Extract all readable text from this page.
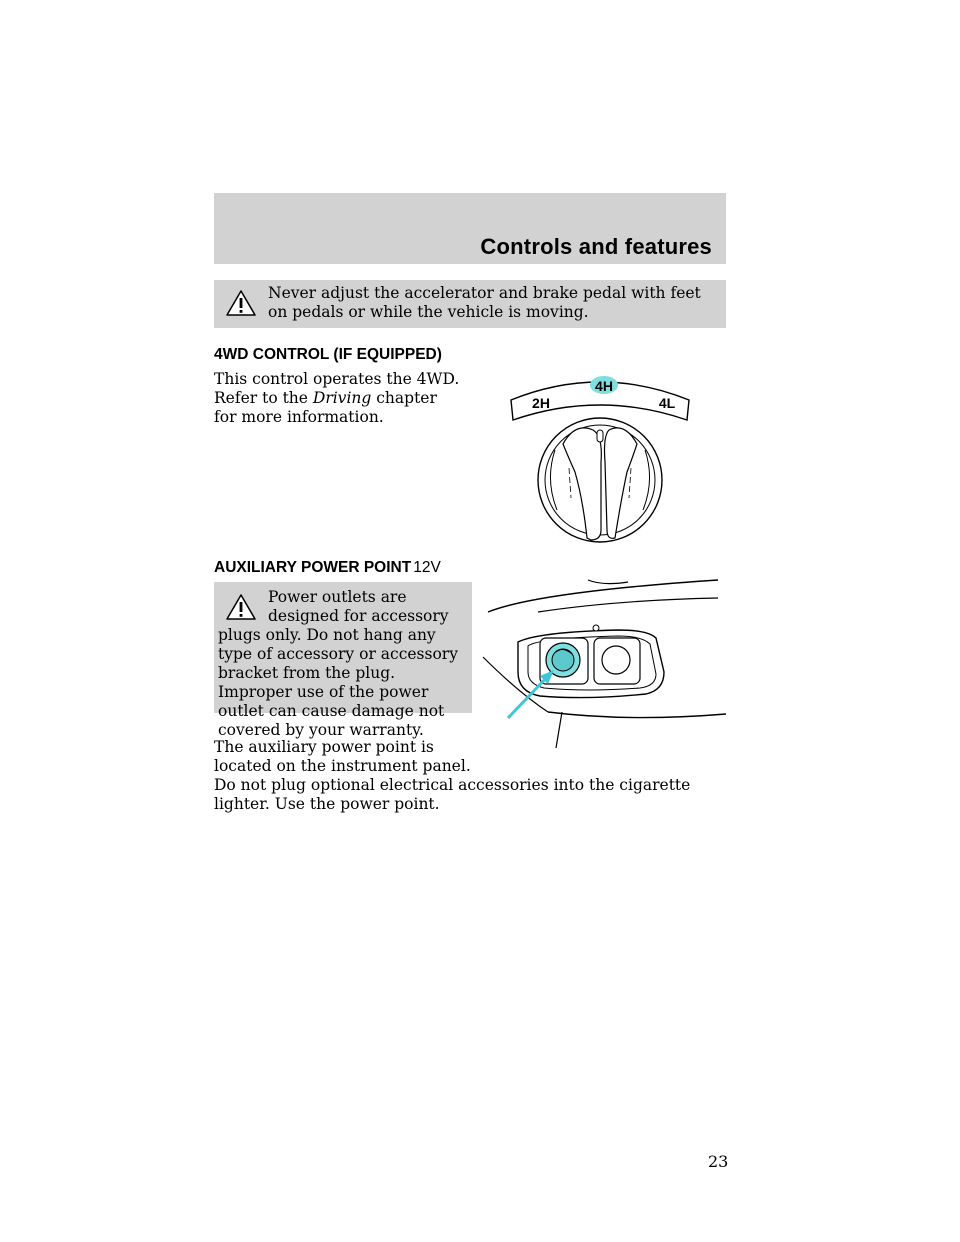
Controls and features
Never adjust the accelerator and brake pedal with feet on pedals or while the vehicle is moving.
4WD CONTROL (IF EQUIPPED)
This control operates the 4WD. Refer to the Driving chapter for more information.
2H
4H
4L
AUXILIARY POWER POINT 12V
Power outlets are designed for accessory plugs only. Do not hang any type of accessory or accessory bracket from the plug. Improper use of the power outlet can cause damage not covered by your warranty.
The auxiliary power point is located on the instrument panel.
Do not plug optional electrical accessories into the cigarette lighter. Use the power point.
23
